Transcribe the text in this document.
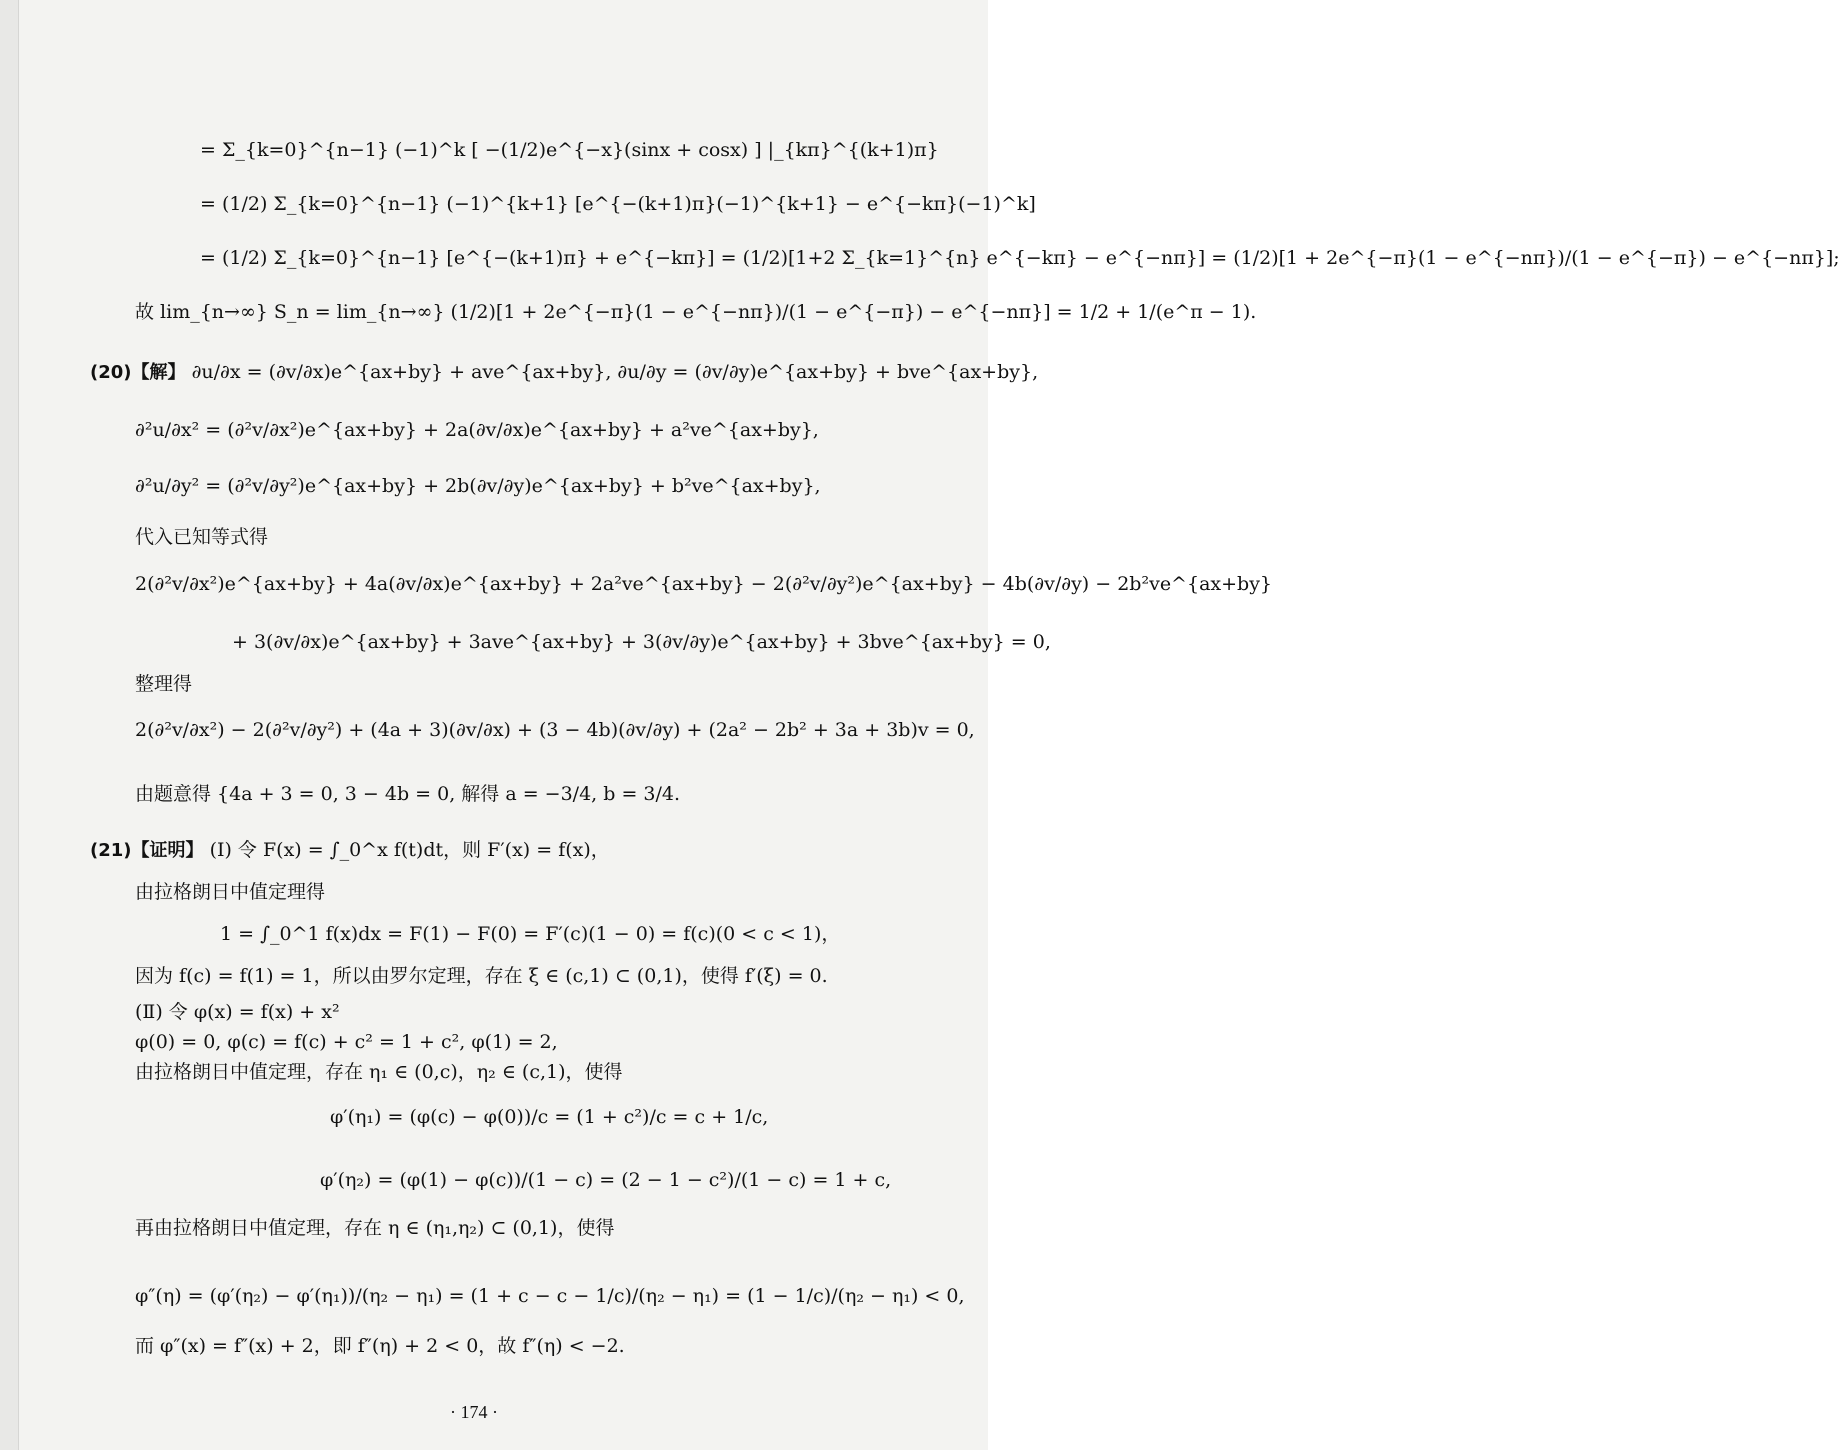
= Σ_{k=0}^{n−1} (−1)^k [ −(1/2)e^{−x}(sinx + cosx) ] |_{kπ}^{(k+1)π}
= (1/2) Σ_{k=0}^{n−1} (−1)^{k+1} [e^{−(k+1)π}(−1)^{k+1} − e^{−kπ}(−1)^k]
= (1/2) Σ_{k=0}^{n−1} [e^{−(k+1)π} + e^{−kπ}] = (1/2)[1+2 Σ_{k=1}^{n} e^{−kπ} − e^{−nπ}] = (1/2)[1 + 2e^{−π}(1 − e^{−nπ})/(1 − e^{−π}) − e^{−nπ}];
故 lim_{n→∞} S_n = lim_{n→∞} (1/2)[1 + 2e^{−π}(1 − e^{−nπ})/(1 − e^{−π}) − e^{−nπ}] = 1/2 + 1/(e^π − 1).
(20)【解】 ∂u/∂x = (∂v/∂x)e^{ax+by} + ave^{ax+by}, ∂u/∂y = (∂v/∂y)e^{ax+by} + bve^{ax+by},
∂²u/∂x² = (∂²v/∂x²)e^{ax+by} + 2a(∂v/∂x)e^{ax+by} + a²ve^{ax+by},
∂²u/∂y² = (∂²v/∂y²)e^{ax+by} + 2b(∂v/∂y)e^{ax+by} + b²ve^{ax+by},
代入已知等式得
2(∂²v/∂x²)e^{ax+by} + 4a(∂v/∂x)e^{ax+by} + 2a²ve^{ax+by} − 2(∂²v/∂y²)e^{ax+by} − 4b(∂v/∂y) − 2b²ve^{ax+by}
+ 3(∂v/∂x)e^{ax+by} + 3ave^{ax+by} + 3(∂v/∂y)e^{ax+by} + 3bve^{ax+by} = 0,
整理得
2(∂²v/∂x²) − 2(∂²v/∂y²) + (4a + 3)(∂v/∂x) + (3 − 4b)(∂v/∂y) + (2a² − 2b² + 3a + 3b)v = 0,
由题意得 {4a + 3 = 0, 3 − 4b = 0, 解得 a = −3/4, b = 3/4.
(21)【证明】 (Ⅰ) 令 F(x) = ∫_0^x f(t)dt，则 F′(x) = f(x)，
由拉格朗日中值定理得
1 = ∫_0^1 f(x)dx = F(1) − F(0) = F′(c)(1 − 0) = f(c)(0 < c < 1)，
因为 f(c) = f(1) = 1，所以由罗尔定理，存在 ξ ∈ (c,1) ⊂ (0,1)，使得 f′(ξ) = 0.
(Ⅱ) 令 φ(x) = f(x) + x²
φ(0) = 0, φ(c) = f(c) + c² = 1 + c², φ(1) = 2,
由拉格朗日中值定理，存在 η₁ ∈ (0,c)，η₂ ∈ (c,1)，使得
φ′(η₁) = (φ(c) − φ(0))/c = (1 + c²)/c = c + 1/c,
φ′(η₂) = (φ(1) − φ(c))/(1 − c) = (2 − 1 − c²)/(1 − c) = 1 + c,
再由拉格朗日中值定理，存在 η ∈ (η₁,η₂) ⊂ (0,1)，使得
φ″(η) = (φ′(η₂) − φ′(η₁))/(η₂ − η₁) = (1 + c − c − 1/c)/(η₂ − η₁) = (1 − 1/c)/(η₂ − η₁) < 0,
而 φ″(x) = f″(x) + 2，即 f″(η) + 2 < 0，故 f″(η) < −2.
· 174 ·
